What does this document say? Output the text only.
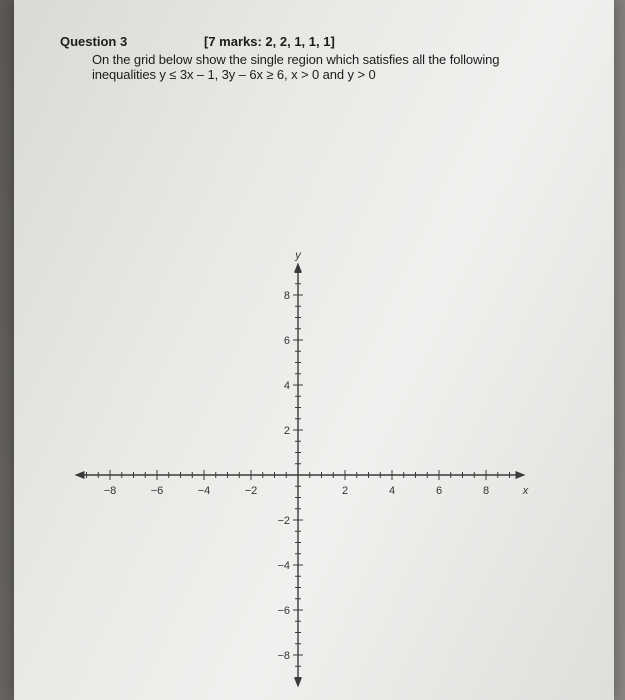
Question 3	[7 marks: 2, 2, 1, 1, 1]
On the grid below show the single region which satisfies all the following
inequalities y ≤ 3x – 1, 3y – 6x ≥ 6, x > 0 and y > 0
−8	−6	−4	−2	2	4	6	8
8
6
4
2
−2
−4
−6
−8
x
y
